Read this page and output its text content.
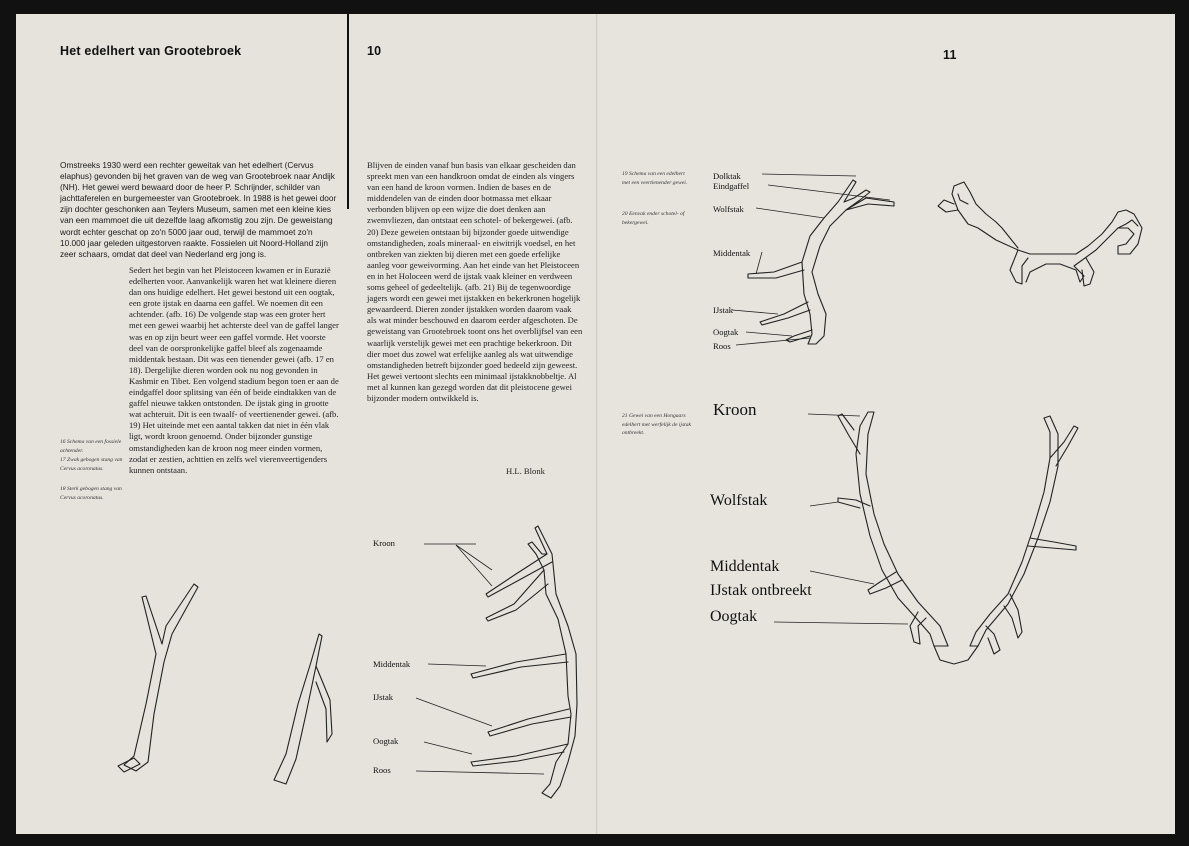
Het edelhert van Grootebroek	10
Omstreeks 1930 werd een rechter geweitak van het edelhert (Cervus elaphus) gevonden bij het graven van de weg van Grootebroek naar Andijk (NH). Het gewei werd bewaard door de heer P. Schrijnder, schilder van jachttaferelen en burgemeester van Grootebroek. In 1988 is het gewei door zijn dochter geschonken aan Teylers Museum, samen met een kleine kies van een mammoet die uit dezelfde laag afkomstig zou zijn. De geweistang wordt echter geschat op zo'n 5000 jaar oud, terwijl de mammoet zo'n 10.000 jaar geleden uitgestorven raakte. Fossielen uit Noord-Holland zijn zeer schaars, omdat dat deel van Nederland erg jong is.
Sedert het begin van het Pleistoceen kwamen er in Eurazië edelherten voor. Aanvankelijk waren het wat kleinere dieren dan ons huidige edelhert. Het gewei bestond uit een oogtak, een grote ijstak en daarna een gaffel. We noemen dit een achtender. (afb. 16) De volgende stap was een groter hert met een gewei waarbij het achterste deel van de gaffel langer was en op zijn beurt weer een gaffel vormde. Het voorste deel van de oorspronkelijke gaffel bleef als zogenaamde middentak bestaan. Dit was een tienender gewei (afb. 17 en 18). Dergelijke dieren worden ook nu nog gevonden in Kashmir en Tibet. Een volgend stadium begon toen er aan de eindgaffel door splitsing van één of beide eindtakken van de gaffel nieuwe takken ontstonden. De ijstak ging in grootte wat achteruit. Dit is een twaalf- of veertienender gewei. (afb. 19) Het uiteinde met een aantal takken dat niet in één vlak ligt, wordt kroon genoemd. Onder bijzonder gunstige omstandigheden kan de kroon nog meer einden vormen, zodat er zestien, achttien en zelfs wel vierenveertigenders kunnen ontstaan.
Blijven de einden vanaf hun basis van elkaar gescheiden dan spreekt men van een handkroon omdat de einden als vingers van een hand de kroon vormen. Indien de bases en de middendelen van de einden door botmassa met elkaar verbonden blijven op een wijze die doet denken aan zwemvliezen, dan ontstaat een schotel- of bekergewei. (afb. 20) Deze geweien ontstaan bij bijzonder goede uitwendige omstandigheden, zoals mineraal- en eiwitrijk voedsel, en het ontbreken van ziekten bij dieren met een goede erfelijke aanleg voor geweivorming. Aan het einde van het Pleistoceen en in het Holoceen werd de ijstak vaak kleiner en verdween soms geheel of gedeeltelijk. (afb. 21) Bij de tegenwoordige jagers wordt een gewei met ijstakken en bekerkronen hogelijk gewaardeerd. Dieren zonder ijstakken worden daarom vaak als wat minder beschouwd en daarom eerder afgeschoten. De geweistang van Grootebroek toont ons het overblijfsel van een waarlijk verstelijk gewei met een prachtige bekerkroon. Dit dier moet dus zowel wat erfelijke aanleg als wat uitwendige omstandigheden betreft bijzonder goed bedeeld zijn geweest. Het gewei vertoont slechts een minimaal ijstakknobbeltje. Al met al kunnen kan gezegd worden dat dit pleistocene gewei bijzonder modern ontwikkeld is.
H.L. Blonk
16 Schema van een fossiele achtender.
17 Zwak gebogen stang van Cervus acoronatus.
18 Sterk gebogen stang van Cervus acoronatus.
Kroon
Middentak
IJstak
Oogtak
Roos
11
19 Schema van een edelhert met een veertienender gewei.
20 Eenvak ender schotel- of bekergewei.
21 Gewei van een Hongaars edelhert met werfelijk de ijstak ontbreekt.
Dolktak
Eindgaffel
Wolfstak
Middentak
IJstak
Oogtak
Roos
Kroon
Wolfstak
Middentak
IJstak ontbreekt
Oogtak
